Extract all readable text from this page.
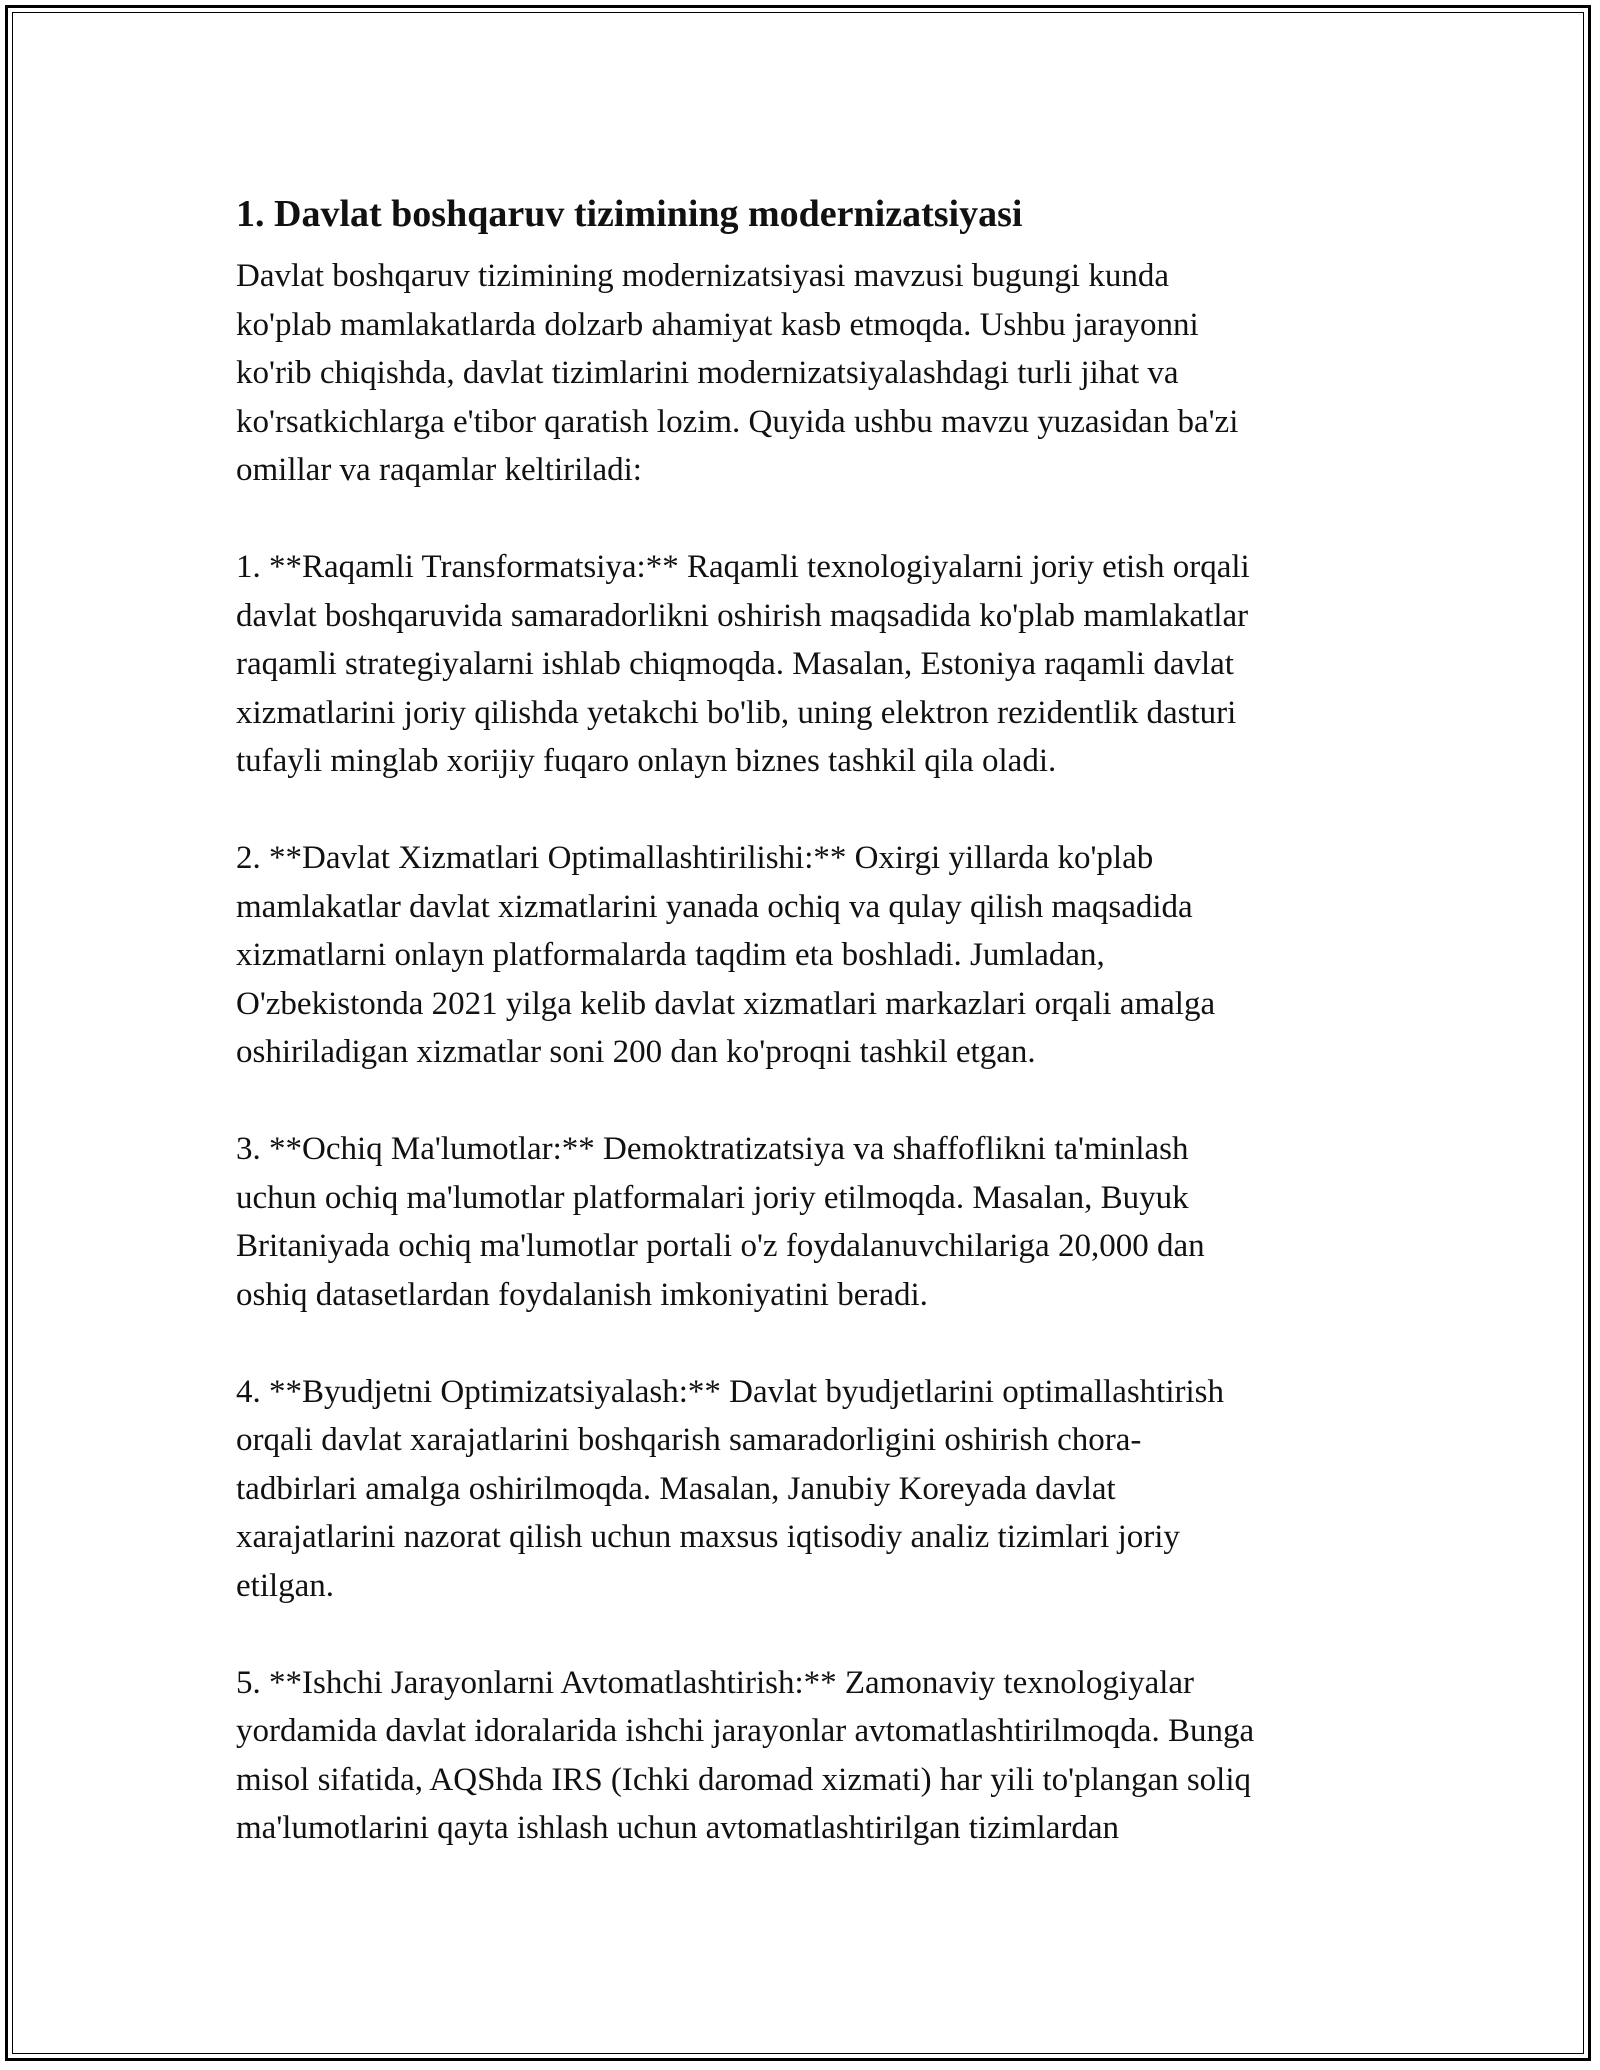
1. Davlat boshqaruv tizimining modernizatsiyasi

Davlat boshqaruv tizimining modernizatsiyasi mavzusi bugungi kunda
ko'plab mamlakatlarda dolzarb ahamiyat kasb etmoqda. Ushbu jarayonni
ko'rib chiqishda, davlat tizimlarini modernizatsiyalashdagi turli jihat va
ko'rsatkichlarga e'tibor qaratish lozim. Quyida ushbu mavzu yuzasidan ba'zi
omillar va raqamlar keltiriladi:

1. **Raqamli Transformatsiya:** Raqamli texnologiyalarni joriy etish orqali
davlat boshqaruvida samaradorlikni oshirish maqsadida ko'plab mamlakatlar
raqamli strategiyalarni ishlab chiqmoqda. Masalan, Estoniya raqamli davlat
xizmatlarini joriy qilishda yetakchi bo'lib, uning elektron rezidentlik dasturi
tufayli minglab xorijiy fuqaro onlayn biznes tashkil qila oladi.

2. **Davlat Xizmatlari Optimallashtirilishi:** Oxirgi yillarda ko'plab
mamlakatlar davlat xizmatlarini yanada ochiq va qulay qilish maqsadida
xizmatlarni onlayn platformalarda taqdim eta boshladi. Jumladan,
O'zbekistonda 2021 yilga kelib davlat xizmatlari markazlari orqali amalga
oshiriladigan xizmatlar soni 200 dan ko'proqni tashkil etgan.

3. **Ochiq Ma'lumotlar:** Demoktratizatsiya va shaffoflikni ta'minlash
uchun ochiq ma'lumotlar platformalari joriy etilmoqda. Masalan, Buyuk
Britaniyada ochiq ma'lumotlar portali o'z foydalanuvchilariga 20,000 dan
oshiq datasetlardan foydalanish imkoniyatini beradi.

4. **Byudjetni Optimizatsiyalash:** Davlat byudjetlarini optimallashtirish
orqali davlat xarajatlarini boshqarish samaradorligini oshirish chora-
tadbirlari amalga oshirilmoqda. Masalan, Janubiy Koreyada davlat
xarajatlarini nazorat qilish uchun maxsus iqtisodiy analiz tizimlari joriy
etilgan.

5. **Ishchi Jarayonlarni Avtomatlashtirish:** Zamonaviy texnologiyalar
yordamida davlat idoralarida ishchi jarayonlar avtomatlashtirilmoqda. Bunga
misol sifatida, AQShda IRS (Ichki daromad xizmati) har yili to'plangan soliq
ma'lumotlarini qayta ishlash uchun avtomatlashtirilgan tizimlardan
